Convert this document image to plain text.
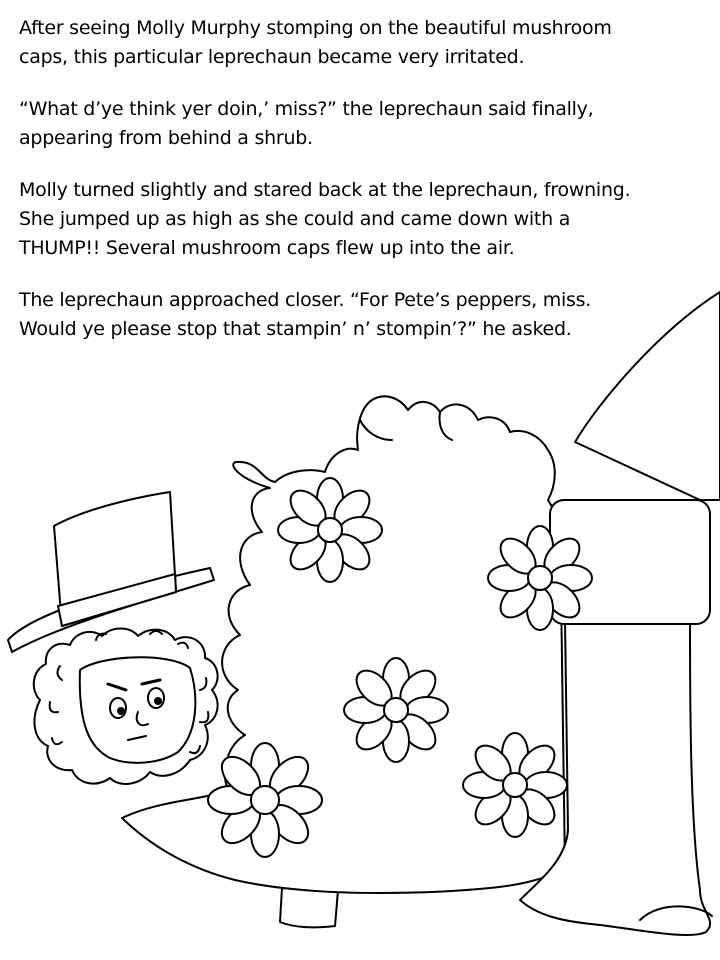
After seeing Molly Murphy stomping on the beautiful mushroom
caps, this particular leprechaun became very irritated.

“What d’ye think yer doin,’ miss?” the leprechaun said finally,
appearing from behind a shrub.

Molly turned slightly and stared back at the leprechaun, frowning.
She jumped up as high as she could and came down with a
THUMP!! Several mushroom caps flew up into the air.

The leprechaun approached closer. “For Pete’s peppers, miss.
Would ye please stop that stampin’ n’ stompin’?” he asked.
